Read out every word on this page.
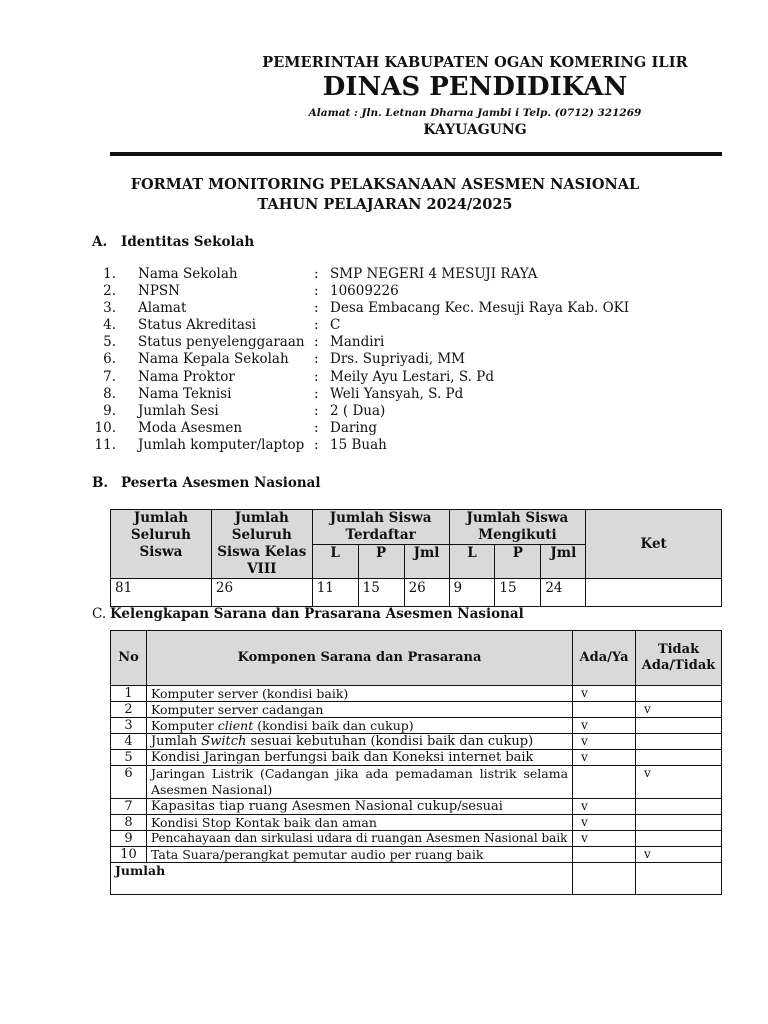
PEMERINTAH KABUPATEN OGAN KOMERING ILIR
DINAS PENDIDIKAN
Alamat : Jln. Letnan Dharna Jambi i Telp. (0712) 321269
KAYUAGUNG
FORMAT MONITORING PELAKSANAAN ASESMEN NASIONAL
TAHUN PELAJARAN 2024/2025
A. Identitas Sekolah
1.	Nama Sekolah	: SMP NEGERI 4 MESUJI RAYA
2.	NPSN	: 10609226
3.	Alamat	: Desa Embacang Kec. Mesuji Raya Kab. OKI
4.	Status Akreditasi	: C
5.	Status penyelenggaraan : Mandiri
6.	Nama Kepala Sekolah	: Drs. Supriyadi, MM
7.	Nama Proktor	: Meily Ayu Lestari, S. Pd
8.	Nama Teknisi	: Weli Yansyah, S. Pd
9.	Jumlah Sesi	: 2 ( Dua)
10.	Moda Asesmen	: Daring
11.	Jumlah komputer/laptop : 15 Buah
B. Peserta Asesmen Nasional
Jumlah Seluruh Siswa	Jumlah Seluruh Siswa Kelas VIII	Jumlah Siswa Terdaftar			Jumlah Siswa Mengikuti			Ket
		L	P	Jml	L	P	Jml	
81	26	11	15	26	9	15	24	
C. Kelengkapan Sarana dan Prasarana Asesmen Nasional
No	Komponen Sarana dan Prasarana	Ada/Ya	Tidak Ada/Tidak
1	Komputer server (kondisi baik)	v	
2	Komputer server cadangan		v
3	Komputer client (kondisi baik dan cukup)	v	
4	Jumlah Switch sesuai kebutuhan (kondisi baik dan cukup)	v	
5	Kondisi Jaringan berfungsi baik dan Koneksi internet baik	v	
6	Jaringan Listrik (Cadangan jika ada pemadaman listrik selama Asesmen Nasional)		v
7	Kapasitas tiap ruang Asesmen Nasional cukup/sesuai	v	
8	Kondisi Stop Kontak baik dan aman	v	
9	Pencahayaan dan sirkulasi udara di ruangan Asesmen Nasional baik	v	
10	Tata Suara/perangkat pemutar audio per ruang baik		v
Jumlah			
